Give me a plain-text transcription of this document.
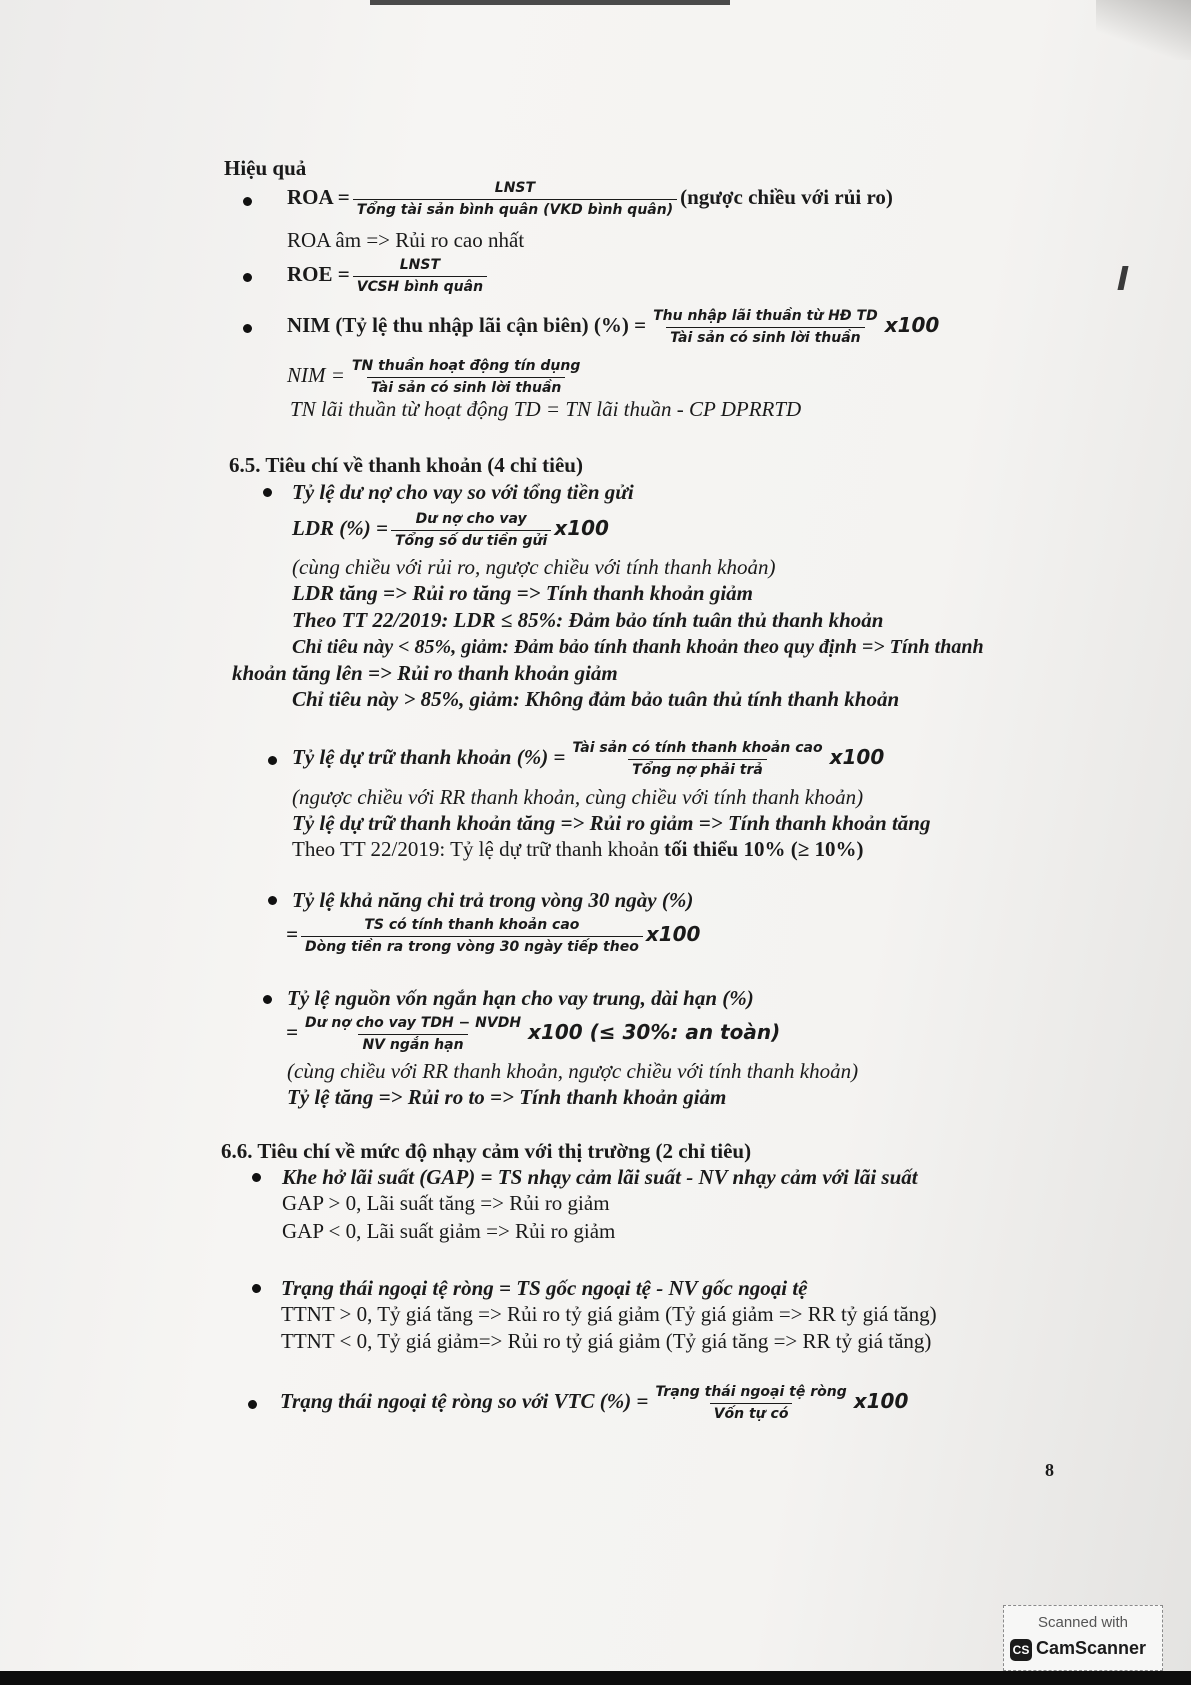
Hiệu quả
ROA = $\frac{\text{LNST}}{\text{Tổng tài sản bình quân (VKD bình quân)}}$ (ngược chiều với rủi ro)
ROA âm => Rủi ro cao nhất
ROE = $\frac{\text{LNST}}{\text{VCSH bình quân}}$
NIM (Tỷ lệ thu nhập lãi cận biên) (%) = $\frac{\text{Thu nhập lãi thuần từ HĐ TD}}{\text{Tài sản có sinh lời thuần}} x100$
NIM = $\frac{\text{TN thuần hoạt động tín dụng}}{\text{Tài sản có sinh lời thuần}}$
TN lãi thuần từ hoạt động TD = TN lãi thuần - CP DPRRTD
6.5. Tiêu chí về thanh khoản (4 chỉ tiêu)
Tỷ lệ dư nợ cho vay so với tổng tiền gửi
LDR (%) = $\frac{\text{Dư nợ cho vay}}{\text{Tổng số dư tiền gửi}} x100$
(cùng chiều với rủi ro, ngược chiều với tính thanh khoản)
LDR tăng => Rủi ro tăng => Tính thanh khoản giảm
Theo TT 22/2019: LDR ≤ 85%: Đảm bảo tính tuân thủ thanh khoản
Chỉ tiêu này < 85%, giảm: Đảm bảo tính thanh khoản theo quy định => Tính thanh
khoản tăng lên => Rủi ro thanh khoản giảm
Chỉ tiêu này > 85%, giảm: Không đảm bảo tuân thủ tính thanh khoản
Tỷ lệ dự trữ thanh khoản (%) = $\frac{\text{Tài sản có tính thanh khoản cao}}{\text{Tổng nợ phải trả}} x100$
(ngược chiều với RR thanh khoản, cùng chiều với tính thanh khoản)
Tỷ lệ dự trữ thanh khoản tăng => Rủi ro giảm => Tính thanh khoản tăng
Theo TT 22/2019: Tỷ lệ dự trữ thanh khoản tối thiểu 10% (≥ 10%)
Tỷ lệ khả năng chi trả trong vòng 30 ngày (%)
= $\frac{\text{TS có tính thanh khoản cao}}{\text{Dòng tiền ra trong vòng 30 ngày tiếp theo}} x100$
Tỷ lệ nguồn vốn ngắn hạn cho vay trung, dài hạn (%)
= $\frac{\text{Dư nợ cho vay TDH − NVDH}}{\text{NV ngắn hạn}} x100$ (≤ 30%: an toàn)
(cùng chiều với RR thanh khoản, ngược chiều với tính thanh khoản)
Tỷ lệ tăng => Rủi ro to => Tính thanh khoản giảm
6.6. Tiêu chí về mức độ nhạy cảm với thị trường (2 chỉ tiêu)
Khe hở lãi suất (GAP) = TS nhạy cảm lãi suất - NV nhạy cảm với lãi suất
GAP > 0, Lãi suất tăng => Rủi ro giảm
GAP < 0, Lãi suất giảm => Rủi ro giảm
Trạng thái ngoại tệ ròng = TS gốc ngoại tệ - NV gốc ngoại tệ
TTNT > 0, Tỷ giá tăng => Rủi ro tỷ giá giảm (Tỷ giá giảm => RR tỷ giá tăng)
TTNT < 0, Tỷ giá giảm=> Rủi ro tỷ giá giảm (Tỷ giá tăng => RR tỷ giá tăng)
Trạng thái ngoại tệ ròng so với VTC (%) = $\frac{\text{Trạng thái ngoại tệ ròng}}{\text{Vốn tự có}} x100$
8
Scanned with
CS CamScanner
